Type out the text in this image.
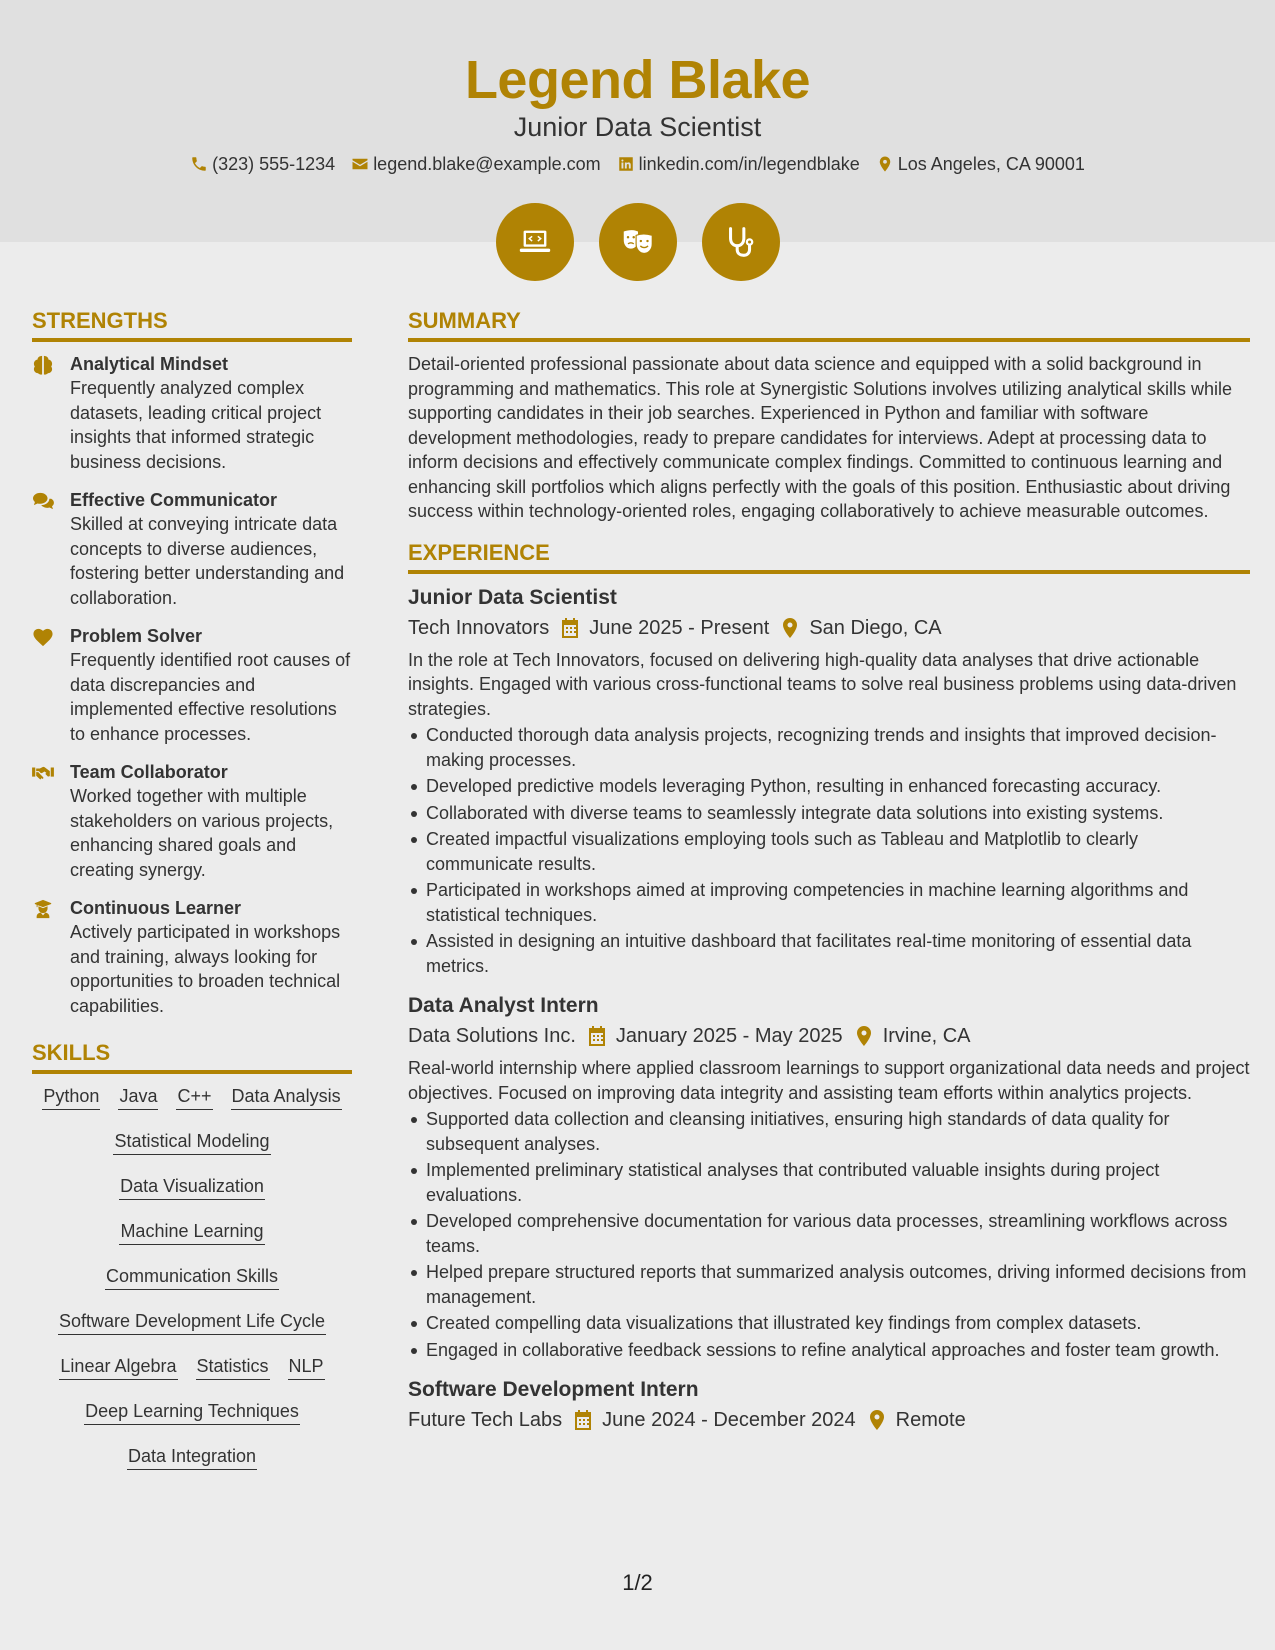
Legend Blake
Junior Data Scientist
(323) 555-1234 legend.blake@example.com linkedin.com/in/legendblake Los Angeles, CA 90001
STRENGTHS
Analytical Mindset
Frequently analyzed complex datasets, leading critical project insights that informed strategic business decisions.
Effective Communicator
Skilled at conveying intricate data concepts to diverse audiences, fostering better understanding and collaboration.
Problem Solver
Frequently identified root causes of data discrepancies and implemented effective resolutions to enhance processes.
Team Collaborator
Worked together with multiple stakeholders on various projects, enhancing shared goals and creating synergy.
Continuous Learner
Actively participated in workshops and training, always looking for opportunities to broaden technical capabilities.
SKILLS
Python Java C++ Data Analysis
Statistical Modeling
Data Visualization
Machine Learning
Communication Skills
Software Development Life Cycle
Linear Algebra Statistics NLP
Deep Learning Techniques
Data Integration
SUMMARY
Detail-oriented professional passionate about data science and equipped with a solid background in programming and mathematics. This role at Synergistic Solutions involves utilizing analytical skills while supporting candidates in their job searches. Experienced in Python and familiar with software development methodologies, ready to prepare candidates for interviews. Adept at processing data to inform decisions and effectively communicate complex findings. Committed to continuous learning and enhancing skill portfolios which aligns perfectly with the goals of this position. Enthusiastic about driving success within technology-oriented roles, engaging collaboratively to achieve measurable outcomes.
EXPERIENCE
Junior Data Scientist
Tech Innovators June 2025 - Present San Diego, CA
In the role at Tech Innovators, focused on delivering high-quality data analyses that drive actionable insights. Engaged with various cross-functional teams to solve real business problems using data-driven strategies.
Conducted thorough data analysis projects, recognizing trends and insights that improved decision-making processes.
Developed predictive models leveraging Python, resulting in enhanced forecasting accuracy.
Collaborated with diverse teams to seamlessly integrate data solutions into existing systems.
Created impactful visualizations employing tools such as Tableau and Matplotlib to clearly communicate results.
Participated in workshops aimed at improving competencies in machine learning algorithms and statistical techniques.
Assisted in designing an intuitive dashboard that facilitates real-time monitoring of essential data metrics.
Data Analyst Intern
Data Solutions Inc. January 2025 - May 2025 Irvine, CA
Real-world internship where applied classroom learnings to support organizational data needs and project objectives. Focused on improving data integrity and assisting team efforts within analytics projects.
Supported data collection and cleansing initiatives, ensuring high standards of data quality for subsequent analyses.
Implemented preliminary statistical analyses that contributed valuable insights during project evaluations.
Developed comprehensive documentation for various data processes, streamlining workflows across teams.
Helped prepare structured reports that summarized analysis outcomes, driving informed decisions from management.
Created compelling data visualizations that illustrated key findings from complex datasets.
Engaged in collaborative feedback sessions to refine analytical approaches and foster team growth.
Software Development Intern
Future Tech Labs June 2024 - December 2024 Remote
1/2
